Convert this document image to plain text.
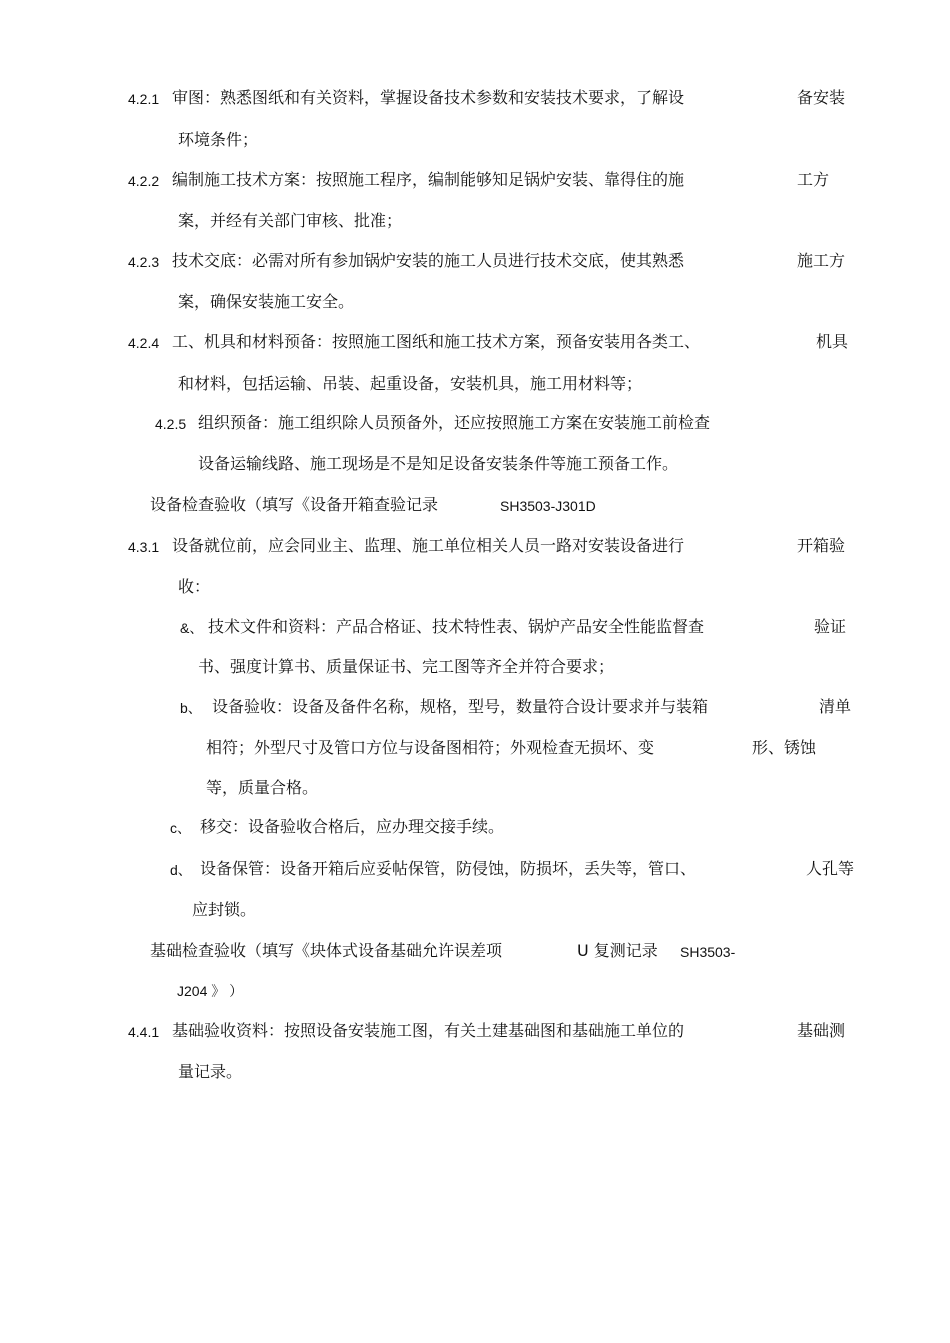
4.2.1 审图：熟悉图纸和有关资料，掌握设备技术参数和安装技术要求，了解设	备安装
环境条件；
4.2.2 编制施工技术方案：按照施工程序，编制能够知足锅炉安装、靠得住的施	工方
案，并经有关部门审核、批准；
4.2.3 技术交底：必需对所有参加锅炉安装的施工人员进行技术交底，使其熟悉	施工方
案，确保安装施工安全。
4.2.4 工、机具和材料预备：按照施工图纸和施工技术方案，预备安装用各类工、	机具
和材料，包括运输、吊装、起重设备，安装机具，施工用材料等；
4.2.5 组织预备：施工组织除人员预备外，还应按照施工方案在安装施工前检查
设备运输线路、施工现场是不是知足设备安装条件等施工预备工作。
设备检查验收（填写《设备开箱查验记录	SH3503-J301D
4.3.1 设备就位前，应会同业主、监理、施工单位相关人员一路对安装设备进行	开箱验
收：
&、 技术文件和资料：产品合格证、技术特性表、锅炉产品安全性能监督查	验证
书、强度计算书、质量保证书、完工图等齐全并符合要求；
b、 设备验收：设备及备件名称，规格，型号，数量符合设计要求并与装箱	清单
相符；外型尺寸及管口方位与设备图相符；外观检查无损坏、变	形、锈蚀
等，质量合格。
c、 移交：设备验收合格后，应办理交接手续。
d、 设备保管：设备开箱后应妥帖保管，防侵蚀，防损坏，丢失等，管口、	人孔等
应封锁。
基础检查验收（填写《块体式设备基础允许误差项	U 复测记录 SH3503-
J204 》 ）
4.4.1 基础验收资料：按照设备安装施工图，有关土建基础图和基础施工单位的	基础测
量记录。
